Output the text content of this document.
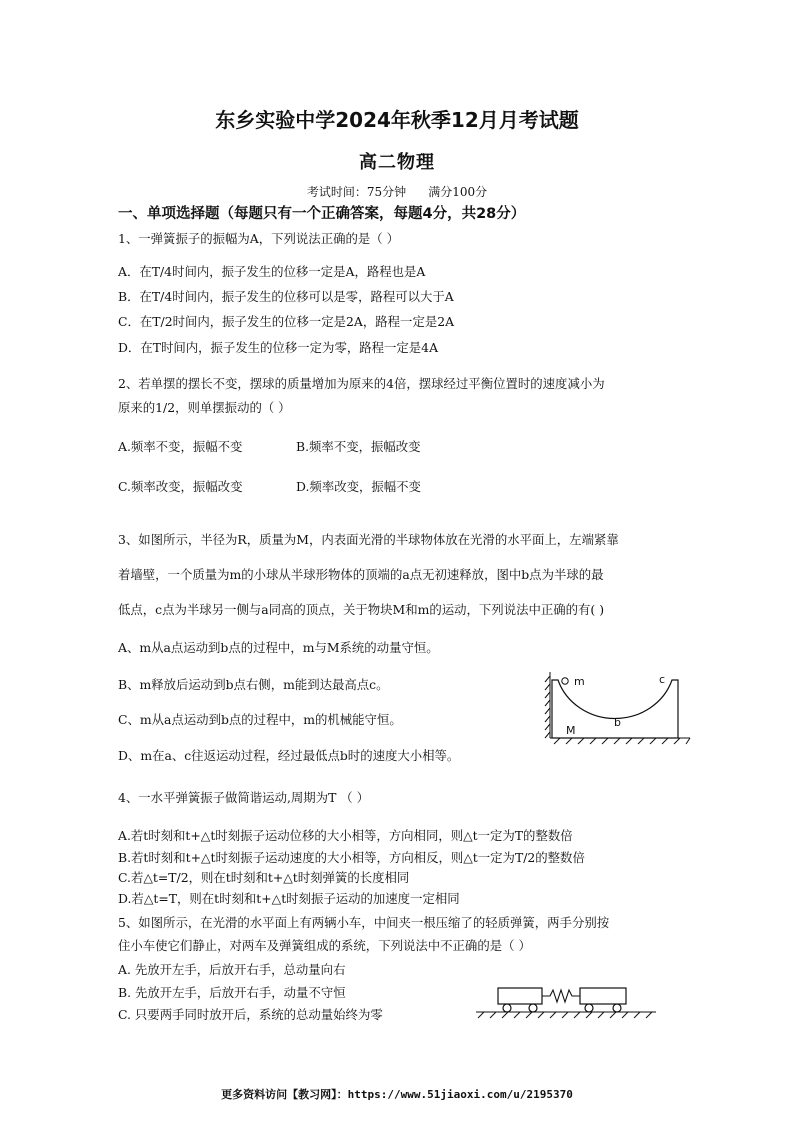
东乡实验中学2024年秋季12月月考试题
高二物理
考试时间：75分钟 满分100分
一、单项选择题（每题只有一个正确答案，每题4分，共28分）
1、一弹簧振子的振幅为A，下列说法正确的是（ ）
A．在T/4时间内，振子发生的位移一定是A，路程也是A
B．在T/4时间内，振子发生的位移可以是零，路程可以大于A
C．在T/2时间内，振子发生的位移一定是2A，路程一定是2A
D．在T时间内，振子发生的位移一定为零，路程一定是4A
2、若单摆的摆长不变，摆球的质量增加为原来的4倍，摆球经过平衡位置时的速度减小为
原来的1/2，则单摆振动的（ ）
A.频率不变，振幅不变	B.频率不变，振幅改变
C.频率改变，振幅改变	D.频率改变，振幅不变
3、如图所示，半径为R，质量为M，内表面光滑的半球物体放在光滑的水平面上，左端紧靠
着墙壁，一个质量为m的小球从半球形物体的顶端的a点无初速释放，图中b点为半球的最
低点，c点为半球另一侧与a同高的顶点，关于物块M和m的运动，下列说法中正确的有( )
A、m从a点运动到b点的过程中，m与M系统的动量守恒。
B、m释放后运动到b点右侧，m能到达最高点c。
C、m从a点运动到b点的过程中，m的机械能守恒。
D、m在a、c往返运动过程，经过最低点b时的速度大小相等。
m	c
b
M
4、一水平弹簧振子做简谐运动,周期为T （ ）
A.若t时刻和t+△t时刻振子运动位移的大小相等，方向相同，则△t一定为T的整数倍
B.若t时刻和t+△t时刻振子运动速度的大小相等，方向相反，则△t一定为T/2的整数倍
C.若△t=T/2，则在t时刻和t+△t时刻弹簧的长度相同
D.若△t=T，则在t时刻和t+△t时刻振子运动的加速度一定相同
5、如图所示，在光滑的水平面上有两辆小车，中间夹一根压缩了的轻质弹簧，两手分别按
住小车使它们静止，对两车及弹簧组成的系统，下列说法中不正确的是（ ）
A. 先放开左手，后放开右手，总动量向右
B. 先放开左手，后放开右手，动量不守恒
C. 只要两手同时放开后，系统的总动量始终为零
更多资料访问【教习网】：https://www.51jiaoxi.com/u/2195370
